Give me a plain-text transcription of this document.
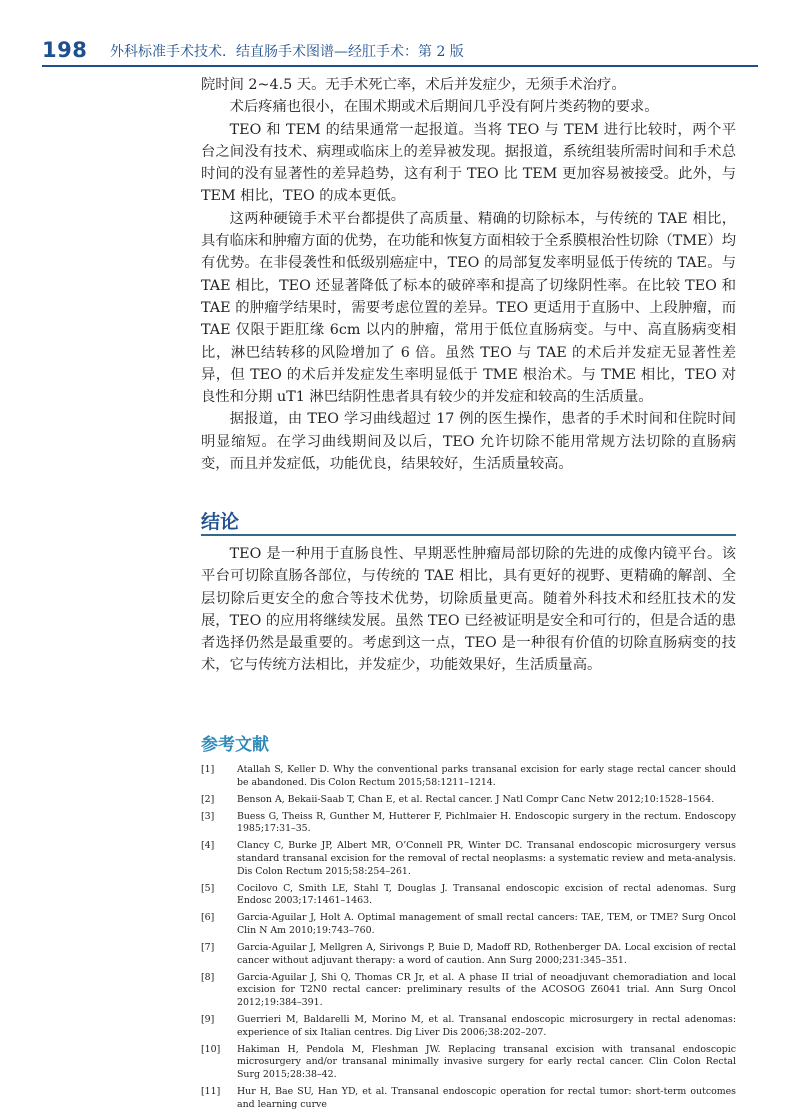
198 外科标准手术技术．结直肠手术图谱—经肛手术：第 2 版

院时间 2~4.5 天。无手术死亡率，术后并发症少，无须手术治疗。

术后疼痛也很小，在围术期或术后期间几乎没有阿片类药物的要求。

TEO 和 TEM 的结果通常一起报道。当将 TEO 与 TEM 进行比较时，两个平台之间没有技术、病理或临床上的差异被发现。据报道，系统组装所需时间和手术总时间的没有显著性的差异趋势，这有利于 TEO 比 TEM 更加容易被接受。此外，与 TEM 相比，TEO 的成本更低。

这两种硬镜手术平台都提供了高质量、精确的切除标本，与传统的 TAE 相比，具有临床和肿瘤方面的优势，在功能和恢复方面相较于全系膜根治性切除（TME）均有优势。在非侵袭性和低级别癌症中，TEO 的局部复发率明显低于传统的 TAE。与 TAE 相比，TEO 还显著降低了标本的破碎率和提高了切缘阴性率。在比较 TEO 和 TAE 的肿瘤学结果时，需要考虑位置的差异。TEO 更适用于直肠中、上段肿瘤，而 TAE 仅限于距肛缘 6cm 以内的肿瘤，常用于低位直肠病变。与中、高直肠病变相比，淋巴结转移的风险增加了 6 倍。虽然 TEO 与 TAE 的术后并发症无显著性差异，但 TEO 的术后并发症发生率明显低于 TME 根治术。与 TME 相比，TEO 对良性和分期 uT1 淋巴结阴性患者具有较少的并发症和较高的生活质量。

据报道，由 TEO 学习曲线超过 17 例的医生操作，患者的手术时间和住院时间明显缩短。在学习曲线期间及以后，TEO 允许切除不能用常规方法切除的直肠病变，而且并发症低，功能优良，结果较好，生活质量较高。

结论

TEO 是一种用于直肠良性、早期恶性肿瘤局部切除的先进的成像内镜平台。该平台可切除直肠各部位，与传统的 TAE 相比，具有更好的视野、更精确的解剖、全层切除后更安全的愈合等技术优势，切除质量更高。随着外科技术和经肛技术的发展，TEO 的应用将继续发展。虽然 TEO 已经被证明是安全和可行的，但是合适的患者选择仍然是最重要的。考虑到这一点，TEO 是一种很有价值的切除直肠病变的技术，它与传统方法相比，并发症少，功能效果好，生活质量高。

参考文献
[1] Atallah S, Keller D. Why the conventional parks transanal excision for early stage rectal cancer should be abandoned. Dis Colon Rectum 2015;58:1211–1214.
[2] Benson A, Bekaii-Saab T, Chan E, et al. Rectal cancer. J Natl Compr Canc Netw 2012;10:1528–1564.
[3] Buess G, Theiss R, Gunther M, Hutterer F, Pichlmaier H. Endoscopic surgery in the rectum. Endoscopy 1985;17:31–35.
[4] Clancy C, Burke JP, Albert MR, O’Connell PR, Winter DC. Transanal endoscopic microsurgery versus standard transanal excision for the removal of rectal neoplasms: a systematic review and meta-analysis. Dis Colon Rectum 2015;58:254–261.
[5] Cocilovo C, Smith LE, Stahl T, Douglas J. Transanal endoscopic excision of rectal adenomas. Surg Endosc 2003;17:1461–1463.
[6] Garcia-Aguilar J, Holt A. Optimal management of small rectal cancers: TAE, TEM, or TME? Surg Oncol Clin N Am 2010;19:743–760.
[7] Garcia-Aguilar J, Mellgren A, Sirivongs P, Buie D, Madoff RD, Rothenberger DA. Local excision of rectal cancer without adjuvant therapy: a word of caution. Ann Surg 2000;231:345–351.
[8] Garcia-Aguilar J, Shi Q, Thomas CR Jr, et al. A phase II trial of neoadjuvant chemoradiation and local excision for T2N0 rectal cancer: preliminary results of the ACOSOG Z6041 trial. Ann Surg Oncol 2012;19:384–391.
[9] Guerrieri M, Baldarelli M, Morino M, et al. Transanal endoscopic microsurgery in rectal adenomas: experience of six Italian centres. Dig Liver Dis 2006;38:202–207.
[10] Hakiman H, Pendola M, Fleshman JW. Replacing transanal excision with transanal endoscopic microsurgery and/or transanal minimally invasive surgery for early rectal cancer. Clin Colon Rectal Surg 2015;28:38–42.
[11] Hur H, Bae SU, Han YD, et al. Transanal endoscopic operation for rectal tumor: short-term outcomes and learning curve
